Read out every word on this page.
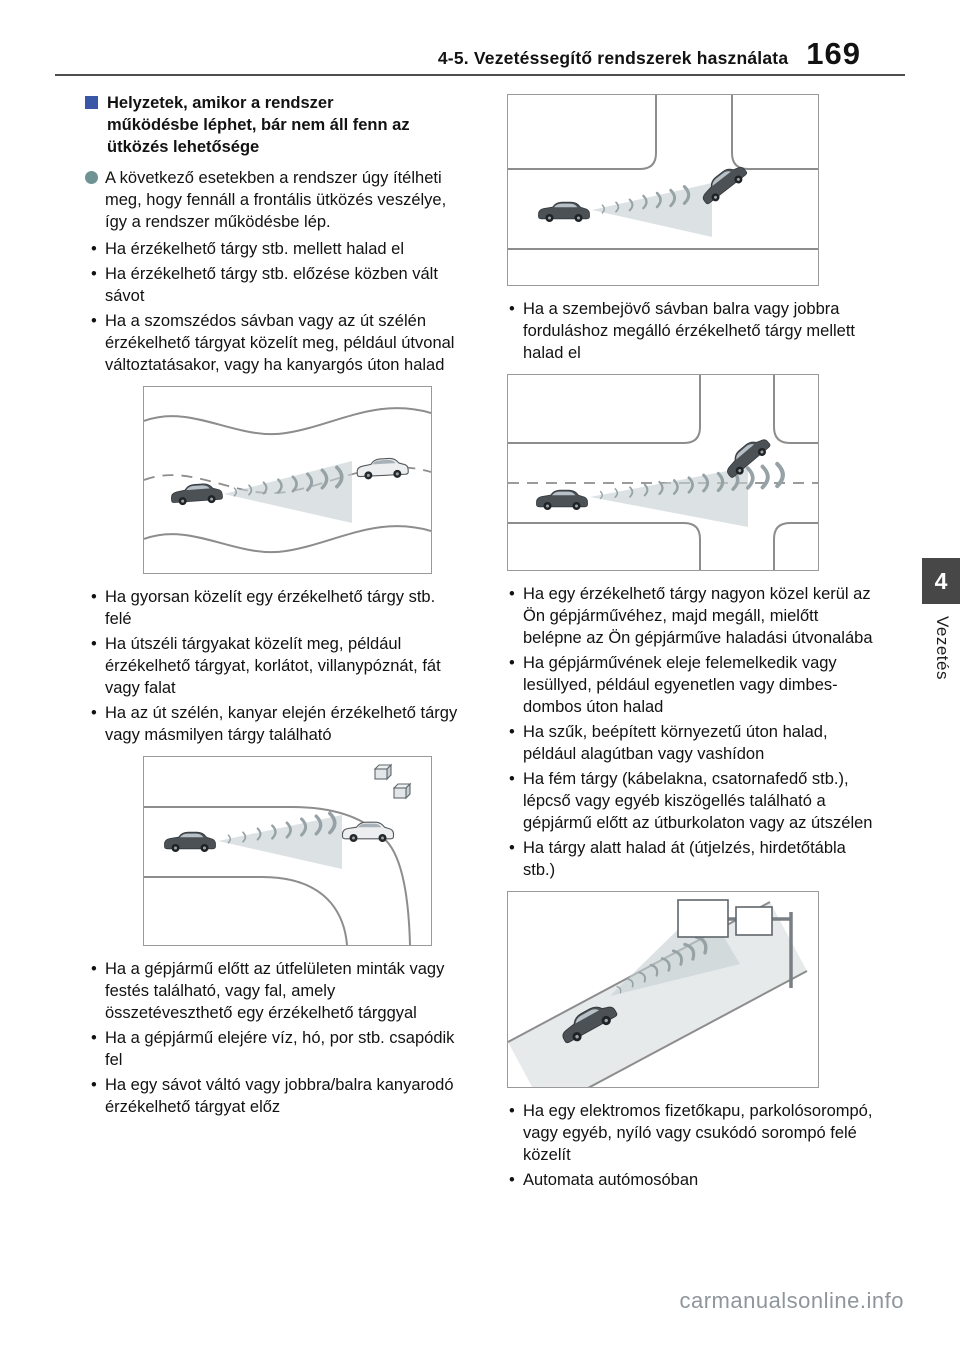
4-5. Vezetéssegítő rendszerek használata 169
4
Vezetés
Helyzetek, amikor a rendszer működésbe léphet, bár nem áll fenn az ütközés lehetősége
A következő esetekben a rendszer úgy ítélheti meg, hogy fennáll a frontális ütközés veszélye, így a rendszer működésbe lép.
• Ha érzékelhető tárgy stb. mellett halad el
• Ha érzékelhető tárgy stb. előzése közben vált sávot
• Ha a szomszédos sávban vagy az út szélén érzékelhető tárgyat közelít meg, például útvonal változtatásakor, vagy ha kanyargós úton halad
• Ha gyorsan közelít egy érzékelhető tárgy stb. felé
• Ha útszéli tárgyakat közelít meg, például érzékelhető tárgyat, korlátot, villanypóznát, fát vagy falat
• Ha az út szélén, kanyar elején érzékelhető tárgy vagy másmilyen tárgy található
• Ha a gépjármű előtt az útfelületen minták vagy festés található, vagy fal, amely összetéveszthető egy érzékelhető tárggyal
• Ha a gépjármű elejére víz, hó, por stb. csapódik fel
• Ha egy sávot váltó vagy jobbra/balra kanyarodó érzékelhető tárgyat előz
• Ha a szembejövő sávban balra vagy jobbra forduláshoz megálló érzékelhető tárgy mellett halad el
• Ha egy érzékelhető tárgy nagyon közel kerül az Ön gépjárművéhez, majd megáll, mielőtt belépne az Ön gépjárműve haladási útvonalába
• Ha gépjárművének eleje felemelkedik vagy lesüllyed, például egyenetlen vagy dimbes-dombos úton halad
• Ha szűk, beépített környezetű úton halad, például alagútban vagy vashídon
• Ha fém tárgy (kábelakna, csatornafedő stb.), lépcső vagy egyéb kiszögellés található a gépjármű előtt az útburkolaton vagy az útszélen
• Ha tárgy alatt halad át (útjelzés, hirdetőtábla stb.)
• Ha egy elektromos fizetőkapu, parkolósorompó, vagy egyéb, nyíló vagy csukódó sorompó felé közelít
• Automata autómosóban
carmanualsonline.info
